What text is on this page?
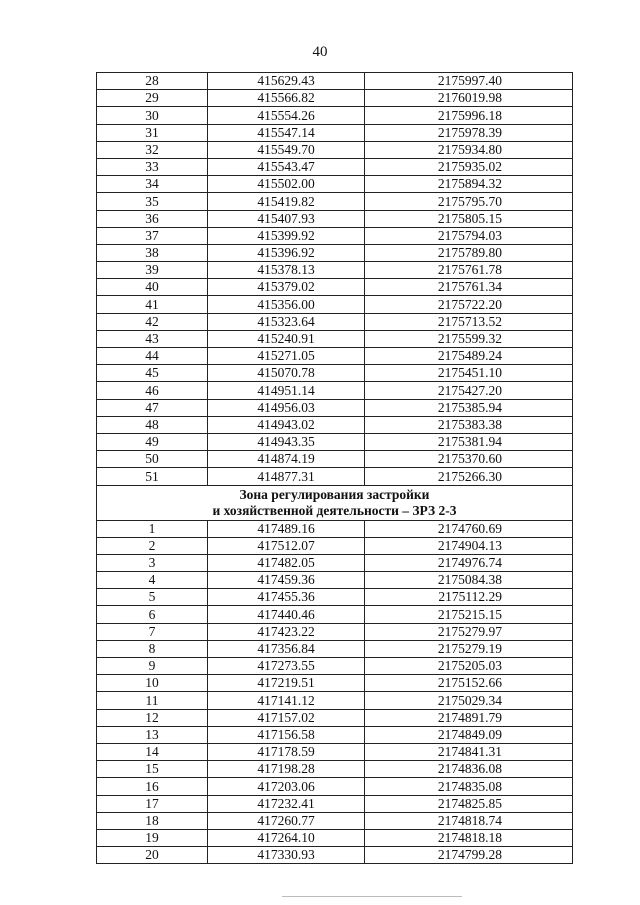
40
28	415629.43	2175997.40
29	415566.82	2176019.98
30	415554.26	2175996.18
31	415547.14	2175978.39
32	415549.70	2175934.80
33	415543.47	2175935.02
34	415502.00	2175894.32
35	415419.82	2175795.70
36	415407.93	2175805.15
37	415399.92	2175794.03
38	415396.92	2175789.80
39	415378.13	2175761.78
40	415379.02	2175761.34
41	415356.00	2175722.20
42	415323.64	2175713.52
43	415240.91	2175599.32
44	415271.05	2175489.24
45	415070.78	2175451.10
46	414951.14	2175427.20
47	414956.03	2175385.94
48	414943.02	2175383.38
49	414943.35	2175381.94
50	414874.19	2175370.60
51	414877.31	2175266.30

Зона регулирования застройки
и хозяйственной деятельности – ЗРЗ 2-3		

1	417489.16	2174760.69
2	417512.07	2174904.13
3	417482.05	2174976.74
4	417459.36	2175084.38
5	417455.36	2175112.29
6	417440.46	2175215.15
7	417423.22	2175279.97
8	417356.84	2175279.19
9	417273.55	2175205.03
10	417219.51	2175152.66
11	417141.12	2175029.34
12	417157.02	2174891.79
13	417156.58	2174849.09
14	417178.59	2174841.31
15	417198.28	2174836.08
16	417203.06	2174835.08
17	417232.41	2174825.85
18	417260.77	2174818.74
19	417264.10	2174818.18
20	417330.93	2174799.28
